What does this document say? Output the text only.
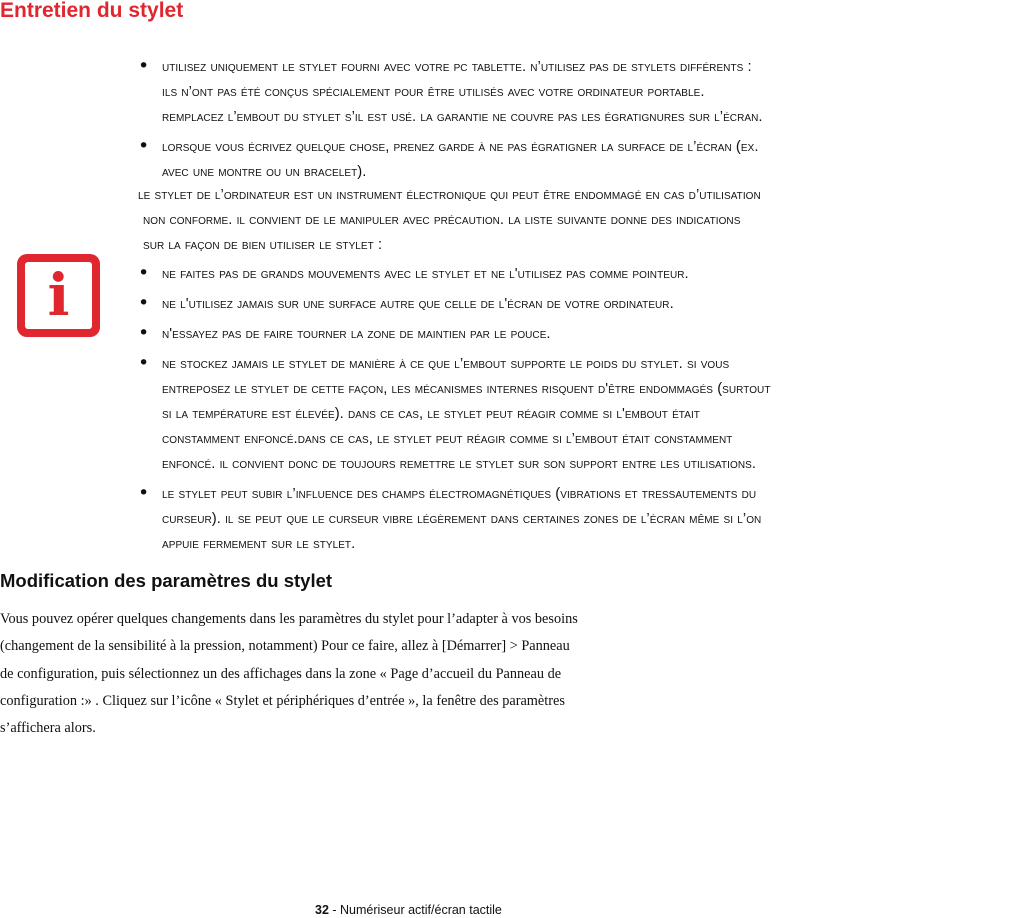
Entretien du stylet
• utilisez uniquement le stylet fourni avec votre pc tablette. n’utilisez pas de stylets différents :
ils n’ont pas été conçus spécialement pour être utilisés avec votre ordinateur portable.
remplacez l’embout du stylet s’il est usé. la garantie ne couvre pas les égratignures sur l’écran.
• lorsque vous écrivez quelque chose, prenez garde à ne pas égratigner la surface de l’écran (ex.
avec une montre ou un bracelet).
le stylet de l’ordinateur est un instrument électronique qui peut être endommagé en cas d’utilisation
non conforme. il convient de le manipuler avec précaution. la liste suivante donne des indications
sur la façon de bien utiliser le stylet :
i	• ne faites pas de grands mouvements avec le stylet et ne l'utilisez pas comme pointeur.
• ne l'utilisez jamais sur une surface autre que celle de l'écran de votre ordinateur.
• n'essayez pas de faire tourner la zone de maintien par le pouce.
• ne stockez jamais le stylet de manière à ce que l’embout supporte le poids du stylet. si vous
entreposez le stylet de cette façon, les mécanismes internes risquent d'être endommagés (surtout
si la température est élevée). dans ce cas, le stylet peut réagir comme si l'embout était
constamment enfoncé.dans ce cas, le stylet peut réagir comme si l’embout était constamment
enfoncé. il convient donc de toujours remettre le stylet sur son support entre les utilisations.
• le stylet peut subir l’influence des champs électromagnétiques (vibrations et tressautements du
curseur). il se peut que le curseur vibre légèrement dans certaines zones de l’écran même si l’on
appuie fermement sur le stylet.
Modification des paramètres du stylet
Vous pouvez opérer quelques changements dans les paramètres du stylet pour l’adapter à vos besoins
(changement de la sensibilité à la pression, notamment) Pour ce faire, allez à [Démarrer] > Panneau
de configuration, puis sélectionnez un des affichages dans la zone « Page d’accueil du Panneau de
configuration :» . Cliquez sur l’icône « Stylet et périphériques d’entrée », la fenêtre des paramètres
s’affichera alors.
32 - Numériseur actif/écran tactile
